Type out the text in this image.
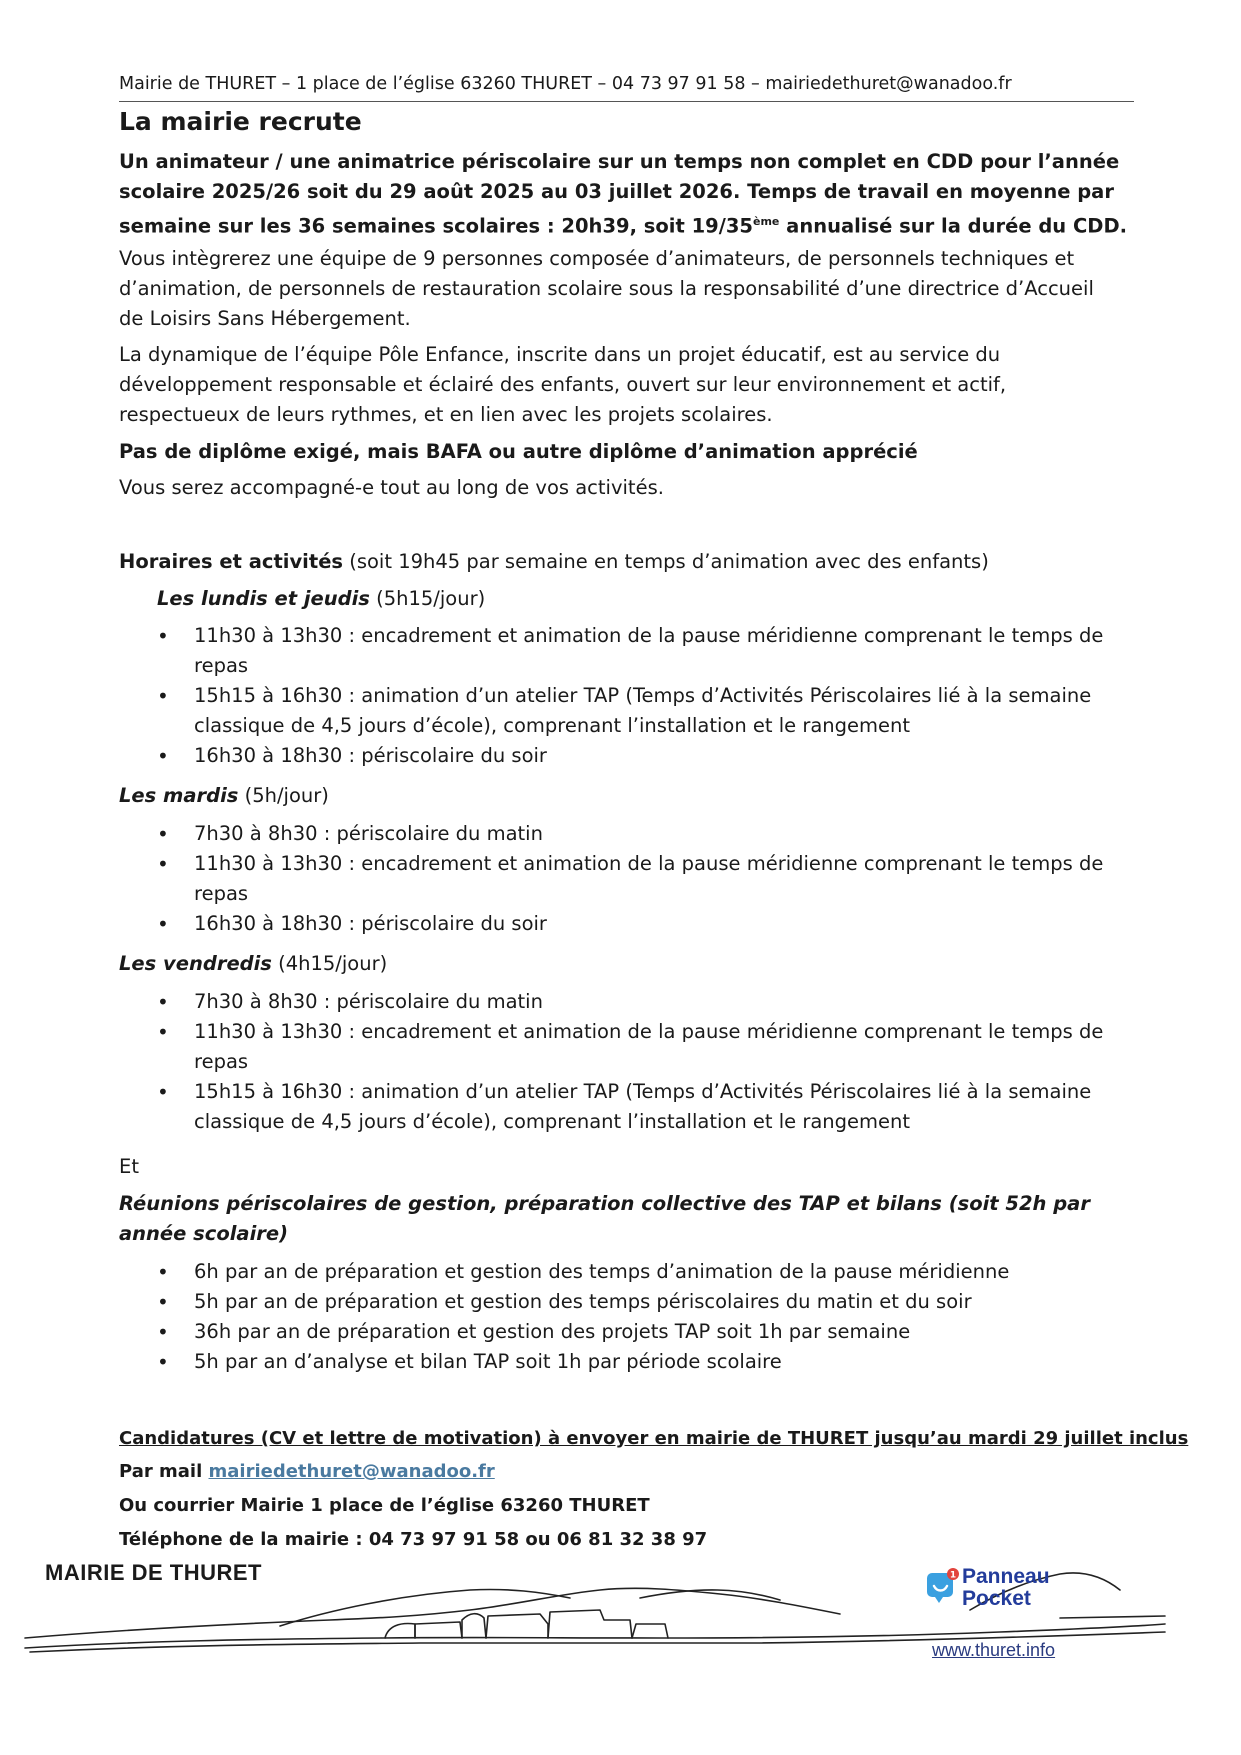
Mairie de THURET – 1 place de l’église 63260 THURET – 04 73 97 91 58 – mairiedethuret@wanadoo.fr
La mairie recrute
Un animateur / une animatrice périscolaire sur un temps non complet en CDD pour l’année
scolaire 2025/26 soit du 29 août 2025 au 03 juillet 2026. Temps de travail en moyenne par
semaine sur les 36 semaines scolaires : 20h39, soit 19/35ème annualisé sur la durée du CDD.
Vous intègrerez une équipe de 9 personnes composée d’animateurs, de personnels techniques et
d’animation, de personnels de restauration scolaire sous la responsabilité d’une directrice d’Accueil
de Loisirs Sans Hébergement.
La dynamique de l’équipe Pôle Enfance, inscrite dans un projet éducatif, est au service du
développement responsable et éclairé des enfants, ouvert sur leur environnement et actif,
respectueux de leurs rythmes, et en lien avec les projets scolaires.
Pas de diplôme exigé, mais BAFA ou autre diplôme d’animation apprécié
Vous serez accompagné-e tout au long de vos activités.
Horaires et activités (soit 19h45 par semaine en temps d’animation avec des enfants)
Les lundis et jeudis (5h15/jour)
• 11h30 à 13h30 : encadrement et animation de la pause méridienne comprenant le temps de repas
• 15h15 à 16h30 : animation d’un atelier TAP (Temps d’Activités Périscolaires lié à la semaine classique de 4,5 jours d’école), comprenant l’installation et le rangement
• 16h30 à 18h30 : périscolaire du soir
Les mardis (5h/jour)
• 7h30 à 8h30 : périscolaire du matin
• 11h30 à 13h30 : encadrement et animation de la pause méridienne comprenant le temps de repas
• 16h30 à 18h30 : périscolaire du soir
Les vendredis (4h15/jour)
• 7h30 à 8h30 : périscolaire du matin
• 11h30 à 13h30 : encadrement et animation de la pause méridienne comprenant le temps de repas
• 15h15 à 16h30 : animation d’un atelier TAP (Temps d’Activités Périscolaires lié à la semaine classique de 4,5 jours d’école), comprenant l’installation et le rangement
Et
Réunions périscolaires de gestion, préparation collective des TAP et bilans (soit 52h par année scolaire)
• 6h par an de préparation et gestion des temps d’animation de la pause méridienne
• 5h par an de préparation et gestion des temps périscolaires du matin et du soir
• 36h par an de préparation et gestion des projets TAP soit 1h par semaine
• 5h par an d’analyse et bilan TAP soit 1h par période scolaire
Candidatures (CV et lettre de motivation) à envoyer en mairie de THURET jusqu’au mardi 29 juillet inclus
Par mail mairiedethuret@wanadoo.fr
Ou courrier Mairie 1 place de l’église 63260 THURET
Téléphone de la mairie : 04 73 97 91 58 ou 06 81 32 38 97
MAIRIE DE THURET	1 Panneau
Pocket
www.thuret.info
